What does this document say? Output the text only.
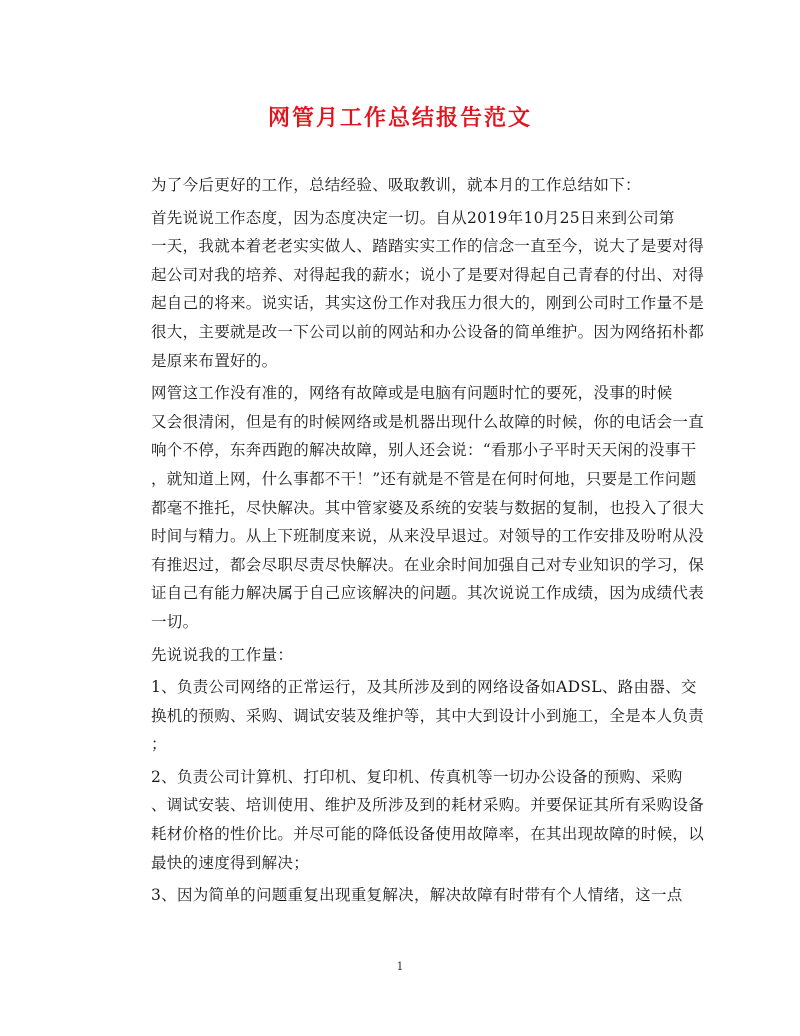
网管月工作总结报告范文

为了今后更好的工作，总结经验、吸取教训，就本月的工作总结如下：

首先说说工作态度，因为态度决定一切。自从2019年10月25日来到公司第
一天，我就本着老老实实做人、踏踏实实工作的信念一直至今，说大了是要对得
起公司对我的培养、对得起我的薪水；说小了是要对得起自己青春的付出、对得
起自己的将来。说实话，其实这份工作对我压力很大的，刚到公司时工作量不是
很大，主要就是改一下公司以前的网站和办公设备的简单维护。因为网络拓朴都
是原来布置好的。

网管这工作没有准的，网络有故障或是电脑有问题时忙的要死，没事的时候
又会很清闲，但是有的时候网络或是机器出现什么故障的时候，你的电话会一直
响个不停，东奔西跑的解决故障，别人还会说：“看那小子平时天天闲的没事干
，就知道上网，什么事都不干！”还有就是不管是在何时何地，只要是工作问题
都毫不推托，尽快解决。其中管家婆及系统的安装与数据的复制，也投入了很大
时间与精力。从上下班制度来说，从来没早退过。对领导的工作安排及吩咐从没
有推迟过，都会尽职尽责尽快解决。在业余时间加强自己对专业知识的学习，保
证自己有能力解决属于自己应该解决的问题。其次说说工作成绩，因为成绩代表
一切。

先说说我的工作量：

1、负责公司网络的正常运行，及其所涉及到的网络设备如ADSL、路由器、交
换机的预购、采购、调试安装及维护等，其中大到设计小到施工，全是本人负责
；

2、负责公司计算机、打印机、复印机、传真机等一切办公设备的预购、采购
、调试安装、培训使用、维护及所涉及到的耗材采购。并要保证其所有采购设备
耗材价格的性价比。并尽可能的降低设备使用故障率，在其出现故障的时候，以
最快的速度得到解决；

3、因为简单的问题重复出现重复解决，解决故障有时带有个人情绪，这一点

1
